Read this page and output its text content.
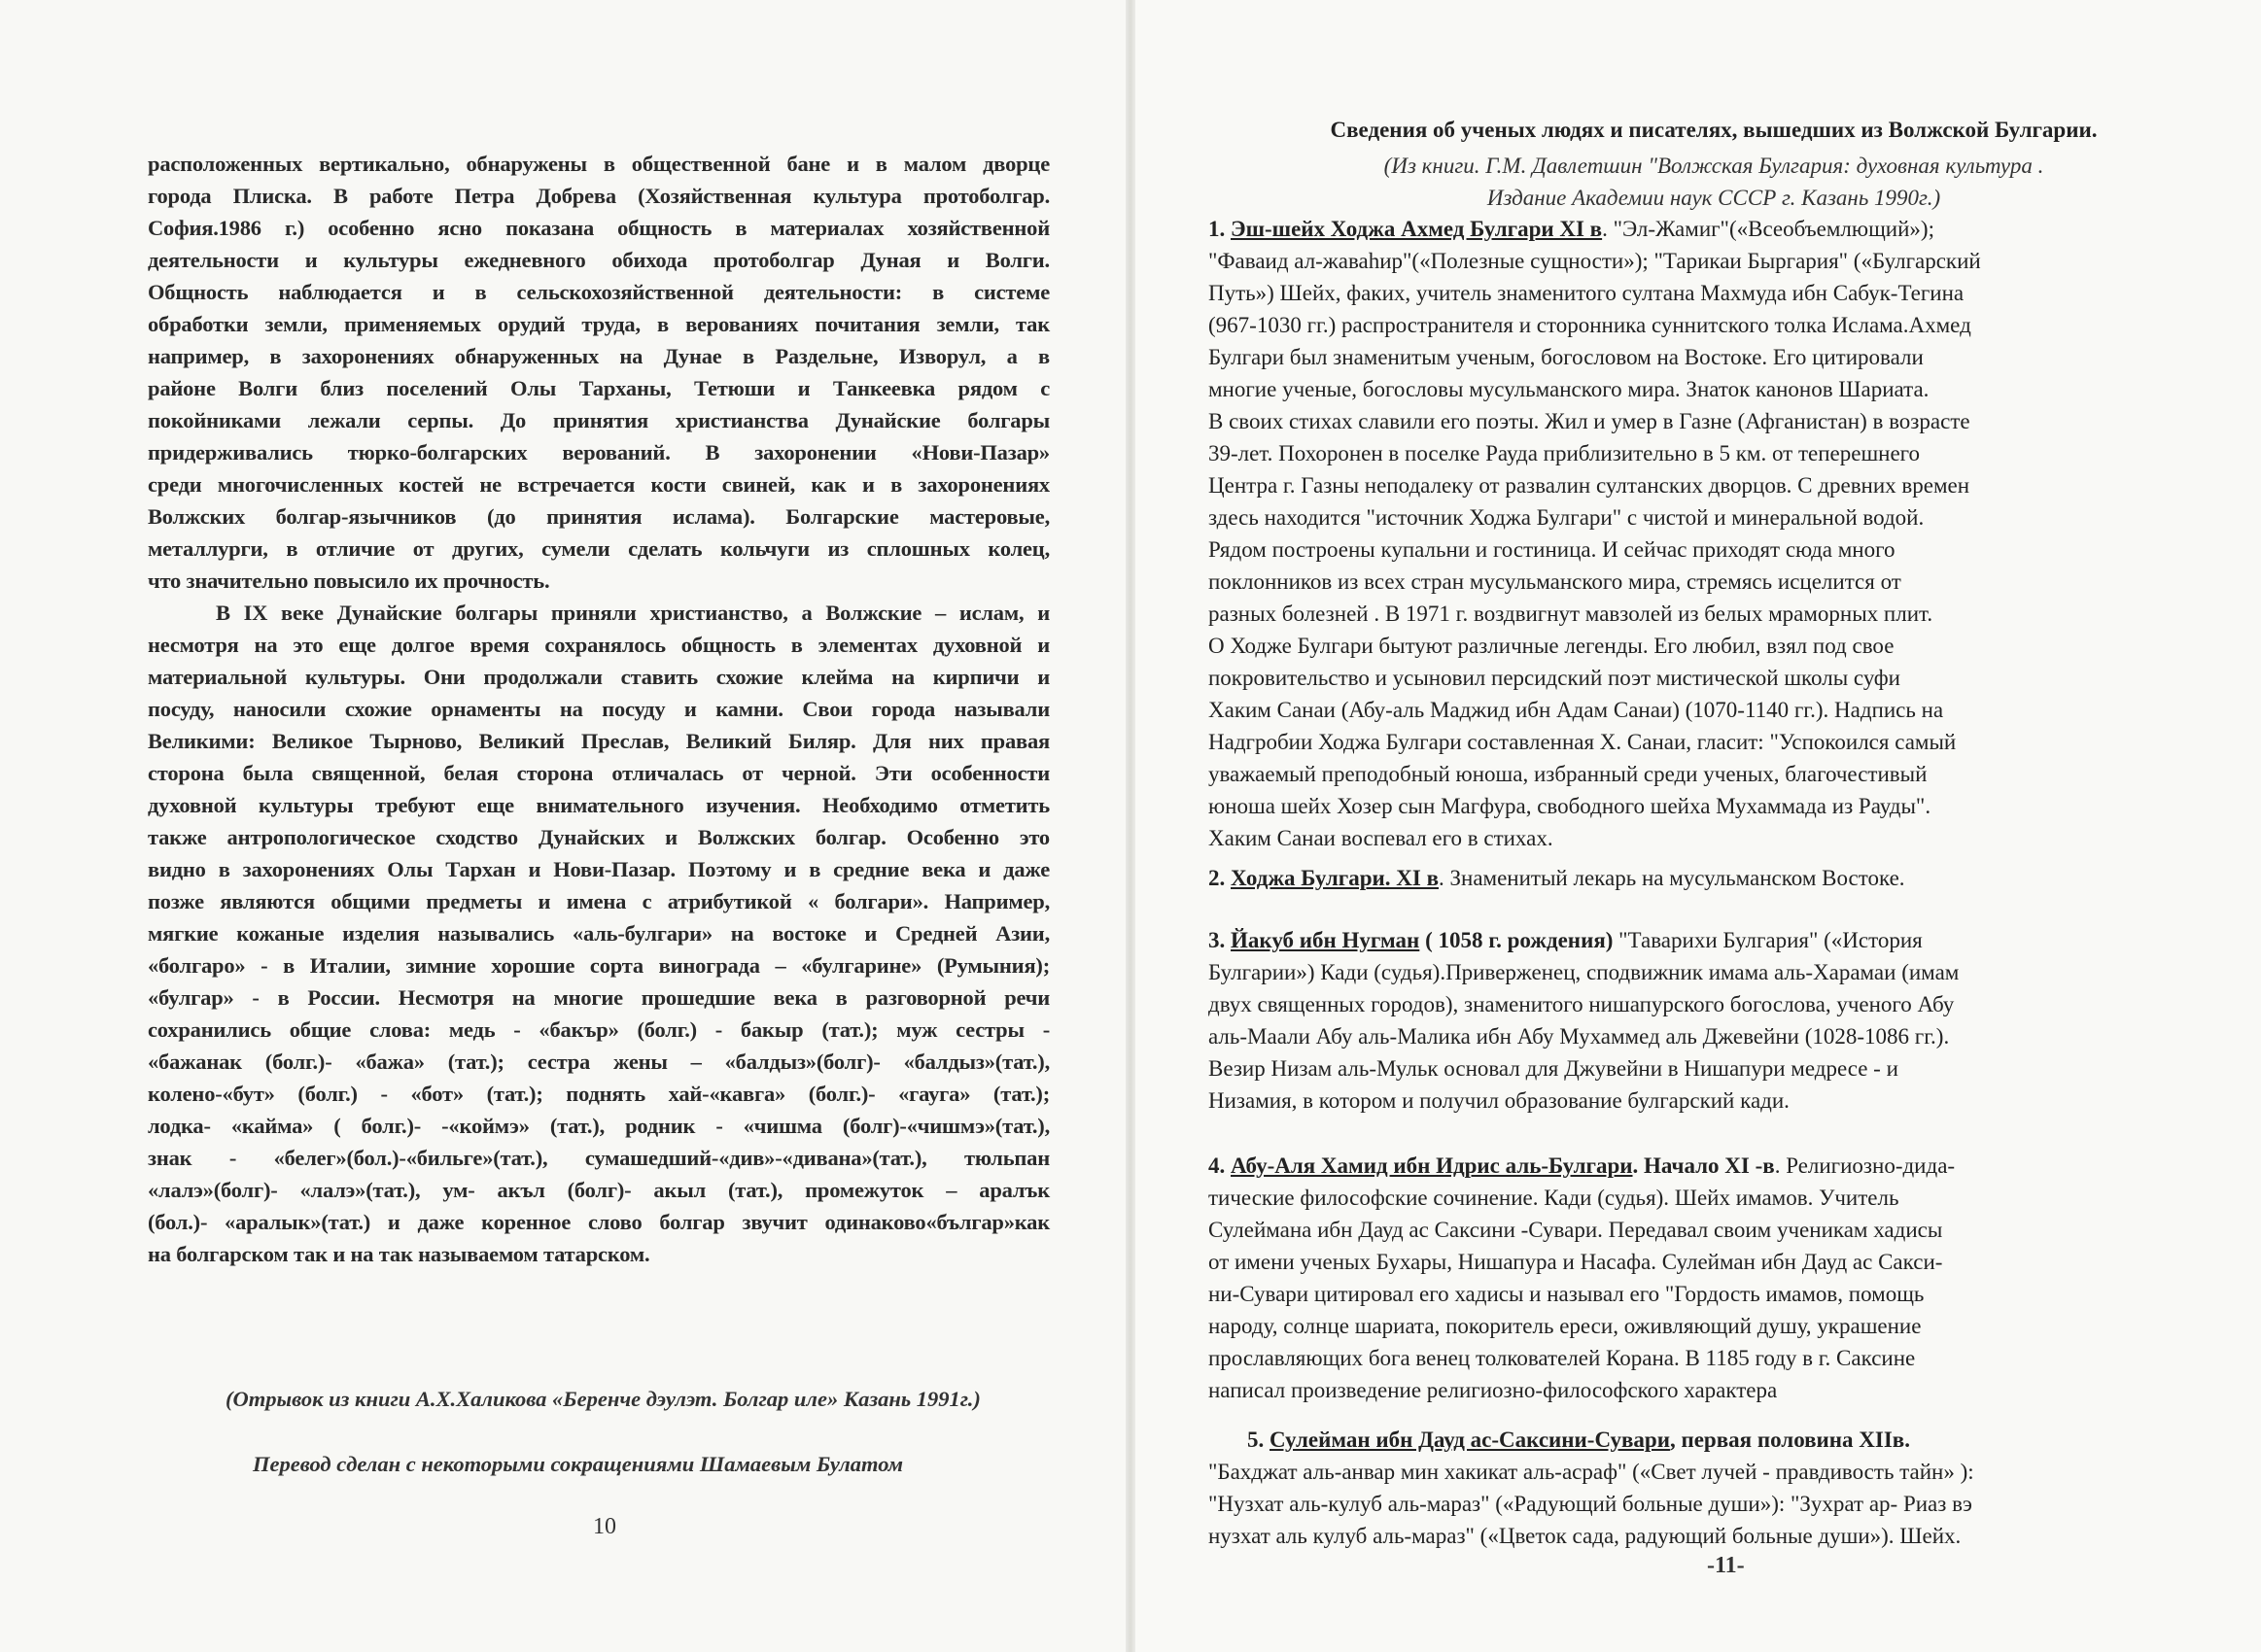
расположенных вертикально, обнаружены в общественной бане и в малом дворце
города Плиска. В работе Петра Добрева (Хозяйственная культура протоболгар.
София.1986 г.) особенно ясно показана общность в материалах хозяйственной
деятельности и культуры ежедневного обихода протоболгар Дуная и Волги.
Общность наблюдается и в сельскохозяйственной деятельности: в системе
обработки земли, применяемых орудий труда, в верованиях почитания земли, так
например, в захоронениях обнаруженных на Дунае в Раздельне, Изворул, а в
районе Волги близ поселений Олы Тарханы, Тетюши и Танкеевка рядом с
покойниками лежали серпы. До принятия христианства Дунайские болгары
придерживались тюрко-болгарских верований. В захоронении «Нови-Пазар»
среди многочисленных костей не встречается кости свиней, как и в захоронениях
Волжских болгар-язычников (до принятия ислама). Болгарские мастеровые,
металлурги, в отличие от других, сумели сделать кольчуги из сплошных колец,
что значительно повысило их прочность.

В IX веке Дунайские болгары приняли христианство, а Волжские – ислам, и
несмотря на это еще долгое время сохранялось общность в элементах духовной и
материальной культуры. Они продолжали ставить схожие клейма на кирпичи и
посуду, наносили схожие орнаменты на посуду и камни. Свои города называли
Великими: Великое Тырново, Великий Преслав, Великий Биляр. Для них правая
сторона была священной, белая сторона отличалась от черной. Эти особенности
духовной культуры требуют еще внимательного изучения. Необходимо отметить
также антропологическое сходство Дунайских и Волжских болгар. Особенно это
видно в захоронениях Олы Тархан и Нови-Пазар. Поэтому и в средние века и даже
позже являются общими предметы и имена с атрибутикой « болгари». Например,
мягкие кожаные изделия назывались «аль-булгари» на востоке и Средней Азии,
«болгаро» - в Италии, зимние хорошие сорта винограда – «булгарине» (Румыния);
«булгар» - в России. Несмотря на многие прошедшие века в разговорной речи
сохранились общие слова: медь - «бакър» (болг.) - бакыр (тат.); муж сестры -
«бажанак (болг.)- «бажа» (тат.); сестра жены – «балдыз»(болг)- «балдыз»(тат.),
колено-«бут» (болг.) - «бот» (тат.); поднять хай-«кавга» (болг.)- «гауга» (тат.);
лодка- «кайма» ( болг.)- -«коймэ» (тат.), родник - «чишма (болг)-«чишмэ»(тат.),
знак - «белег»(бол.)-«бильге»(тат.), сумашедший-«див»-«дивана»(тат.), тюльпан
«лалэ»(болг)- «лалэ»(тат.), ум- акъл (болг)- акыл (тат.), промежуток – аралък
(бол.)- «аралык»(тат.) и даже коренное слово болгар звучит одинаково«българ»как
на болгарском так и на так называемом татарском.

(Отрывок из книги А.Х.Халикова «Беренче дэулэт. Болгар иле» Казань 1991г.)
Перевод сделан с некоторыми сокращениями Шамаевым Булатом
10
Сведения об ученых людях и писателях, вышедших из Волжской Булгарии.
(Из книги. Г.М. Давлетшин "Волжская Булгария: духовная культура .
Издание Академии наук СССР г. Казань 1990г.)
1. Эш-шейх Ходжа Ахмед Булгари XI в. "Эл-Жамиг"(«Всеобъемлющий»);
"Фаваид ал-жаваhир"(«Полезные сущности»); "Тарикаи Быргария" («Булгарский
Путь») Шейх, факих, учитель знаменитого султана Махмуда ибн Сабук-Тегина
(967-1030 гг.) распространителя и сторонника суннитского толка Ислама.Ахмед
Булгари был знаменитым ученым, богословом на Востоке. Его цитировали
многие ученые, богословы мусульманского мира. Знаток канонов Шариата.
В своих стихах славили его поэты. Жил и умер в Газне (Афганистан) в возрасте
39-лет. Похоронен в поселке Рауда приблизительно в 5 км. от теперешнего
Центра г. Газны неподалеку от развалин султанских дворцов. С древних времен
здесь находится "источник Ходжа Булгари" с чистой и минеральной водой.
Рядом построены купальни и гостиница. И сейчас приходят сюда много
поклонников из всех стран мусульманского мира, стремясь исцелится от
разных болезней . В 1971 г. воздвигнут мавзолей из белых мраморных плит.
О Ходже Булгари бытуют различные легенды. Его любил, взял под свое
покровительство и усыновил персидский поэт мистической школы суфи
Хаким Санаи (Абу-аль Маджид ибн Адам Санаи) (1070-1140 гг.). Надпись на
Надгробии Ходжа Булгари составленная Х. Санаи, гласит: "Успокоился самый
уважаемый преподобный юноша, избранный среди ученых, благочестивый
юноша шейх Хозер сын Магфура, свободного шейха Мухаммада из Рауды".
Хаким Санаи воспевал его в стихах.
2. Ходжа Булгари. XI в. Знаменитый лекарь на мусульманском Востоке.
3. Йакуб ибн Нугман ( 1058 г. рождения) "Таварихи Булгария" («История
Булгарии») Кади (судья).Приверженец, сподвижник имама аль-Харамаи (имам
двух священных городов), знаменитого нишапурского богослова, ученого Абу
аль-Маали Абу аль-Малика ибн Абу Мухаммед аль Джевейни (1028-1086 гг.).
Везир Низам аль-Мульк основал для Джувейни в Нишапури медресе - и
Низамия, в котором и получил образование булгарский кади.
4. Абу-Аля Хамид ибн Идрис аль-Булгари. Начало XI -в. Религиозно-дида-
тические философские сочинение. Кади (судья). Шейх имамов. Учитель
Сулеймана ибн Дауд ас Саксини -Сувари. Передавал своим ученикам хадисы
от имени ученых Бухары, Нишапура и Насафа. Сулейман ибн Дауд ас Сакси-
ни-Сувари цитировал его хадисы и называл его "Гордость имамов, помощь
народу, солнце шариата, покоритель ереси, оживляющий душу, украшение
прославляющих бога венец толкователей Корана. В 1185 году в г. Саксине
написал произведение религиозно-философского характера
5. Сулейман ибн Дауд ас-Саксини-Сувари, первая половина XIIв.
"Бахджат аль-анвар мин хакикат аль-асраф" («Свет лучей - правдивость тайн» ):
"Нузхат аль-кулуб аль-мараз" («Радующий больные души»): "Зухрат ар- Риаз вэ
нузхат аль кулуб аль-мараз" («Цветок сада, радующий больные души»). Шейх.
-11-
